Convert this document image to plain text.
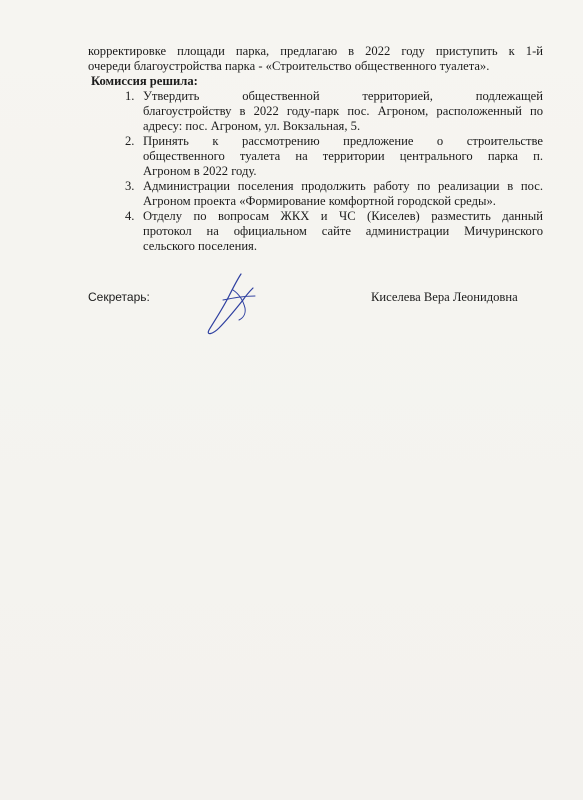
корректировке площади парка, предлагаю в 2022 году приступить к 1-й

очереди благоустройства парка - «Строительство общественного туалета».

Комиссия решила:

1. Утвердить общественной территорией, подлежащей

благоустройству в 2022 году-парк пос. Агроном, расположенный по

адресу: пос. Агроном, ул. Вокзальная, 5.

2. Принять к рассмотрению предложение о строительстве

общественного туалета на территории центрального парка п.

Агроном в 2022 году.

3. Администрации поселения продолжить работу по реализации в пос.

Агроном проекта «Формирование комфортной городской среды».

4. Отделу по вопросам ЖКХ и ЧС (Киселев) разместить данный

протокол на официальном сайте администрации Мичуринского

сельского поселения.

Секретарь:	Киселева Вера Леонидовна
